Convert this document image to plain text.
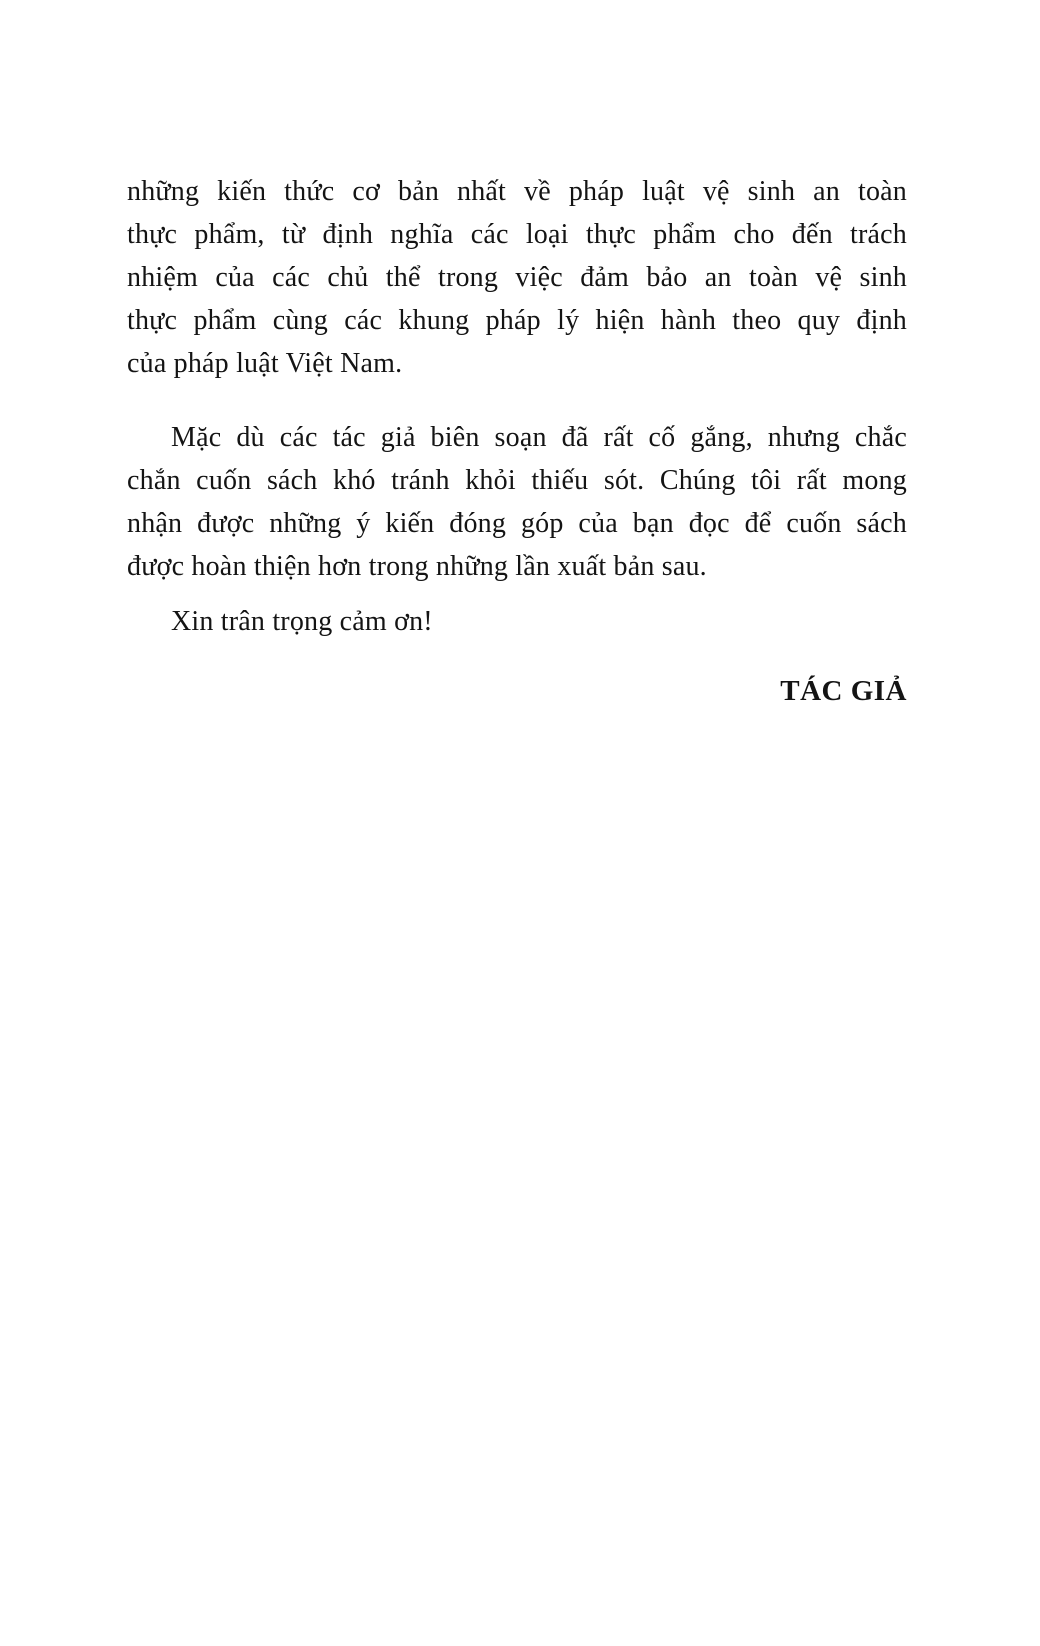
những kiến thức cơ bản nhất về pháp luật vệ sinh an toàn
thực phẩm, từ định nghĩa các loại thực phẩm cho đến trách
nhiệm của các chủ thể trong việc đảm bảo an toàn vệ sinh
thực phẩm cùng các khung pháp lý hiện hành theo quy định
của pháp luật Việt Nam.

Mặc dù các tác giả biên soạn đã rất cố gắng, nhưng chắc
chắn cuốn sách khó tránh khỏi thiếu sót. Chúng tôi rất mong
nhận được những ý kiến đóng góp của bạn đọc để cuốn sách
được hoàn thiện hơn trong những lần xuất bản sau.

Xin trân trọng cảm ơn!

TÁC GIẢ
